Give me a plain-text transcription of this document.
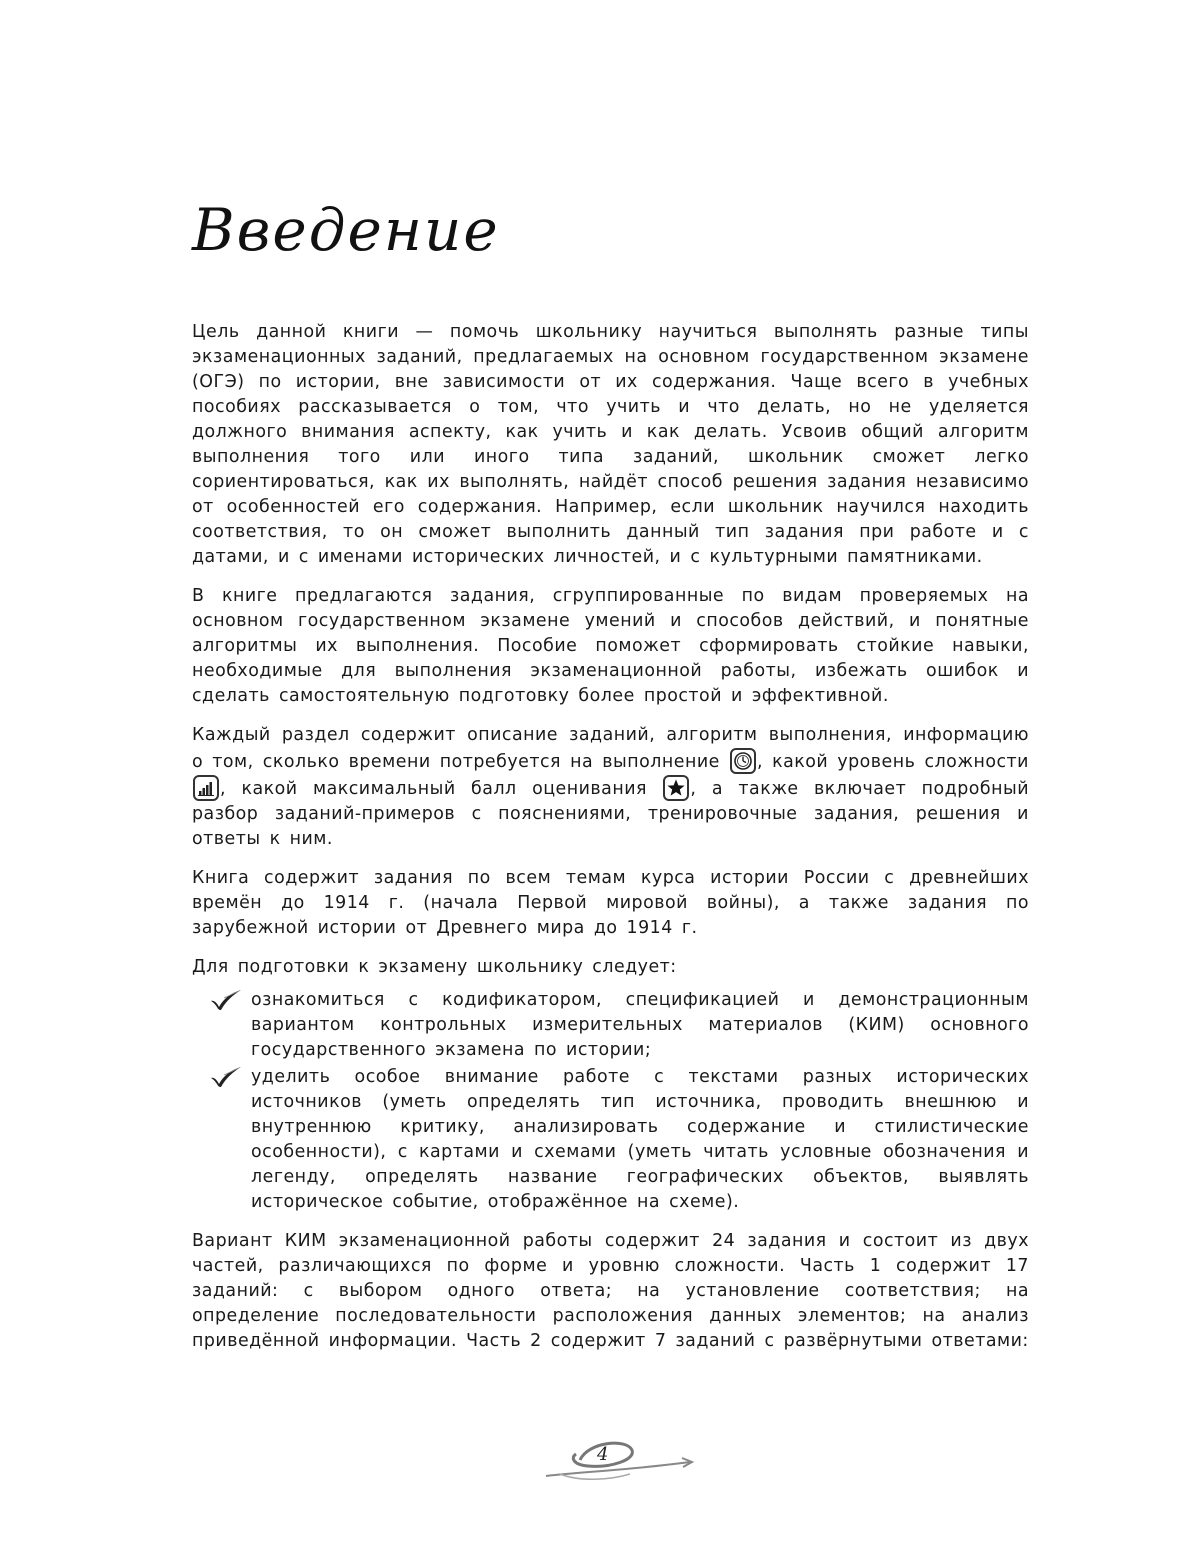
Введение

Цель данной книги — помочь школьнику научиться выполнять разные типы экзаменационных заданий, предлагаемых на основном государственном экзамене (ОГЭ) по истории, вне зависимости от их содержания. Чаще всего в учебных пособиях рассказывается о том, что учить и что делать, но не уделяется должного внимания аспекту, как учить и как делать. Усвоив общий алгоритм выполнения того или иного типа заданий, школьник сможет легко сориентироваться, как их выполнять, найдёт способ решения задания независимо от особенностей его содержания. Например, если школьник научился находить соответствия, то он сможет выполнить данный тип задания при работе и с датами, и с именами исторических личностей, и с культурными памятниками.

В книге предлагаются задания, сгруппированные по видам проверяемых на основном государственном экзамене умений и способов действий, и понятные алгоритмы их выполнения. Пособие поможет сформировать стойкие навыки, необходимые для выполнения экзаменационной работы, избежать ошибок и сделать самостоятельную подготовку более простой и эффективной.

Каждый раздел содержит описание заданий, алгоритм выполнения, информацию о том, сколько времени потребуется на выполнение , какой уровень сложности
, какой максимальный балл оценивания , а также включает подробный разбор заданий-примеров с пояснениями, тренировочные задания, решения и ответы к ним.

Книга содержит задания по всем темам курса истории России с древнейших времён до 1914 г. (начала Первой мировой войны), а также задания по зарубежной истории от Древнего мира до 1914 г.

Для подготовки к экзамену школьнику следует:

ознакомиться с кодификатором, спецификацией и демонстрационным вариантом контрольных измерительных материалов (КИМ) основного государственного экзамена по истории;
уделить особое внимание работе с текстами разных исторических источников (уметь определять тип источника, проводить внешнюю и внутреннюю критику, анализировать содержание и стилистические особенности), с картами и схемами (уметь читать условные обозначения и легенду, определять название географических объектов, выявлять историческое событие, отображённое на схеме).

Вариант КИМ экзаменационной работы содержит 24 задания и состоит из двух частей, различающихся по форме и уровню сложности. Часть 1 содержит 17 заданий: с выбором одного ответа; на установление соответствия; на определение последовательности расположения данных элементов; на анализ приведённой информации. Часть 2 содержит 7 заданий с развёрнутыми ответами:

4
